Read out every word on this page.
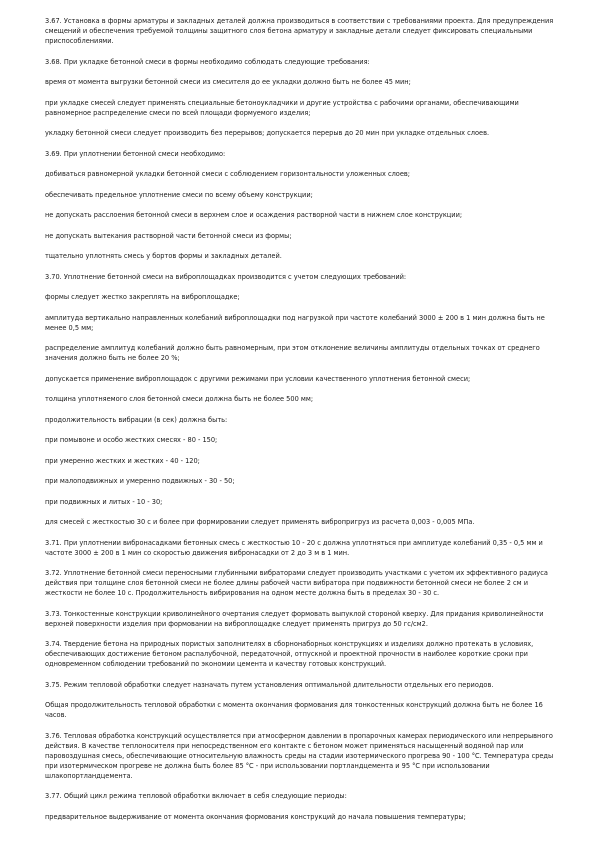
3.67. Установка в формы арматуры и закладных деталей должна производиться в соответствии с требованиями проекта. Для предупреждения смещений и обеспечения требуемой толщины защитного слоя бетона арматуру и закладные детали следует фиксировать специальными приспособлениями.

3.68. При укладке бетонной смеси в формы необходимо соблюдать следующие требования:

время от момента выгрузки бетонной смеси из смесителя до ее укладки должно быть не более 45 мин;

при укладке смесей следует применять специальные бетоноукладчики и другие устройства с рабочими органами, обеспечивающими равномерное распределение смеси по всей площади формуемого изделия;

укладку бетонной смеси следует производить без перерывов; допускается перерыв до 20 мин при укладке отдельных слоев.

3.69. При уплотнении бетонной смеси необходимо:

добиваться равномерной укладки бетонной смеси с соблюдением горизонтальности уложенных слоев;

обеспечивать предельное уплотнение смеси по всему объему конструкции;

не допускать расслоения бетонной смеси в верхнем слое и осаждения растворной части в нижнем слое конструкции;

не допускать вытекания растворной части бетонной смеси из формы;

тщательно уплотнять смесь у бортов формы и закладных деталей.

3.70. Уплотнение бетонной смеси на виброплощадках производится с учетом следующих требований:

формы следует жестко закреплять на виброплощадке;

амплитуда вертикально направленных колебаний виброплощадки под нагрузкой при частоте колебаний 3000 ± 200 в 1 мин должна быть не менее 0,5 мм;

распределение амплитуд колебаний должно быть равномерным, при этом отклонение величины амплитуды отдельных точках от среднего значения должно быть не более 20 %;

допускается применение виброплощадок с другими режимами при условии качественного уплотнения бетонной смеси;

толщина уплотняемого слоя бетонной смеси должна быть не более 500 мм;

продолжительность вибрации (в сек) должна быть:

при помывоне и особо жестких смесях - 80 - 150;

при умеренно жестких и жестких - 40 - 120;

при малоподвижных и умеренно подвижных - 30 - 50;

при подвижных и литых - 10 - 30;

для смесей с жесткостью 30 с и более при формировании следует применять вибропригруз из расчета 0,003 - 0,005 МПа.

3.71. При уплотнении вибронасадками бетонных смесь с жесткостью 10 - 20 с должна уплотняться при амплитуде колебаний 0,35 - 0,5 мм и частоте 3000 ± 200 в 1 мин со скоростью движения вибронасадки от 2 до 3 м в 1 мин.

3.72. Уплотнение бетонной смеси переносными глубинными вибраторами следует производить участками с учетом их эффективного радиуса действия при толщине слоя бетонной смеси не более длины рабочей части вибратора при подвижности бетонной смеси не более 2 см и жесткости не более 10 с. Продолжительность вибрирования на одном месте должна быть в пределах 30 - 30 с.

3.73. Тонкостенные конструкции криволинейного очертания следует формовать выпуклой стороной кверху. Для придания криволинейности верхней поверхности изделия при формовании на виброплощадке следует применять пригруз до 50 гс/см2.

3.74. Твердение бетона на природных пористых заполнителях в сборнонаборных конструкциях и изделиях должно протекать в условиях, обеспечивающих достижение бетоном распалубочной, передаточной, отпускной и проектной прочности в наиболее короткие сроки при одновременном соблюдении требований по экономии цемента и качеству готовых конструкций.

3.75. Режим тепловой обработки следует назначать путем установления оптимальной длительности отдельных его периодов.

Общая продолжительность тепловой обработки с момента окончания формования для тонкостенных конструкций должна быть не более 16 часов.

3.76. Тепловая обработка конструкций осуществляется при атмосферном давлении в пропарочных камерах периодического или непрерывного действия. В качестве теплоносителя при непосредственном его контакте с бетоном может применяться насыщенный водяной пар или паровоздушная смесь, обеспечивающие относительную влажность среды на стадии изотермического прогрева 90 - 100 °С. Температура среды при изотермическом прогреве не должна быть более 85 °С - при использовании портландцемента и 95 °С при использовании шлакопортландцемента.

3.77. Общий цикл режима тепловой обработки включает в себя следующие периоды:

предварительное выдерживание от момента окончания формования конструкций до начала повышения температуры;
